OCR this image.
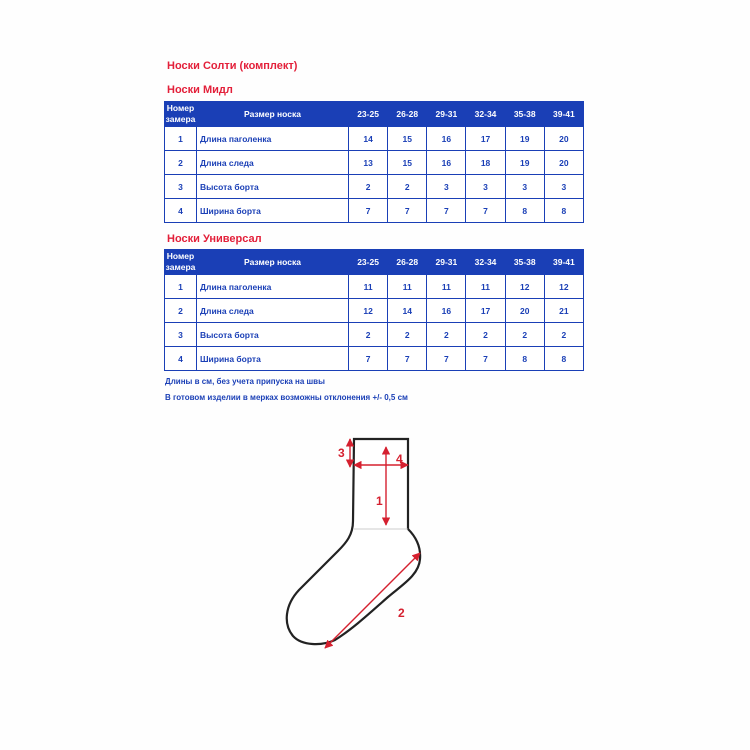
Носки Солти (комплект)
Носки Мидл
Номер замера	Размер носка	23-25	26-28	29-31	32-34	35-38	39-41
1	Длина паголенка	14	15	16	17	19	20
2	Длина следа	13	15	16	18	19	20
3	Высота борта	2	2	3	3	3	3
4	Ширина борта	7	7	7	7	8	8
Носки Универсал
Номер замера	Размер носка	23-25	26-28	29-31	32-34	35-38	39-41
1	Длина паголенка	11	11	11	11	12	12
2	Длина следа	12	14	16	17	20	21
3	Высота борта	2	2	2	2	2	2
4	Ширина борта	7	7	7	7	8	8
Длины в см, без учета припуска на швы
В готовом изделии в мерках возможны отклонения +/- 0,5 см
3	4
1
2
